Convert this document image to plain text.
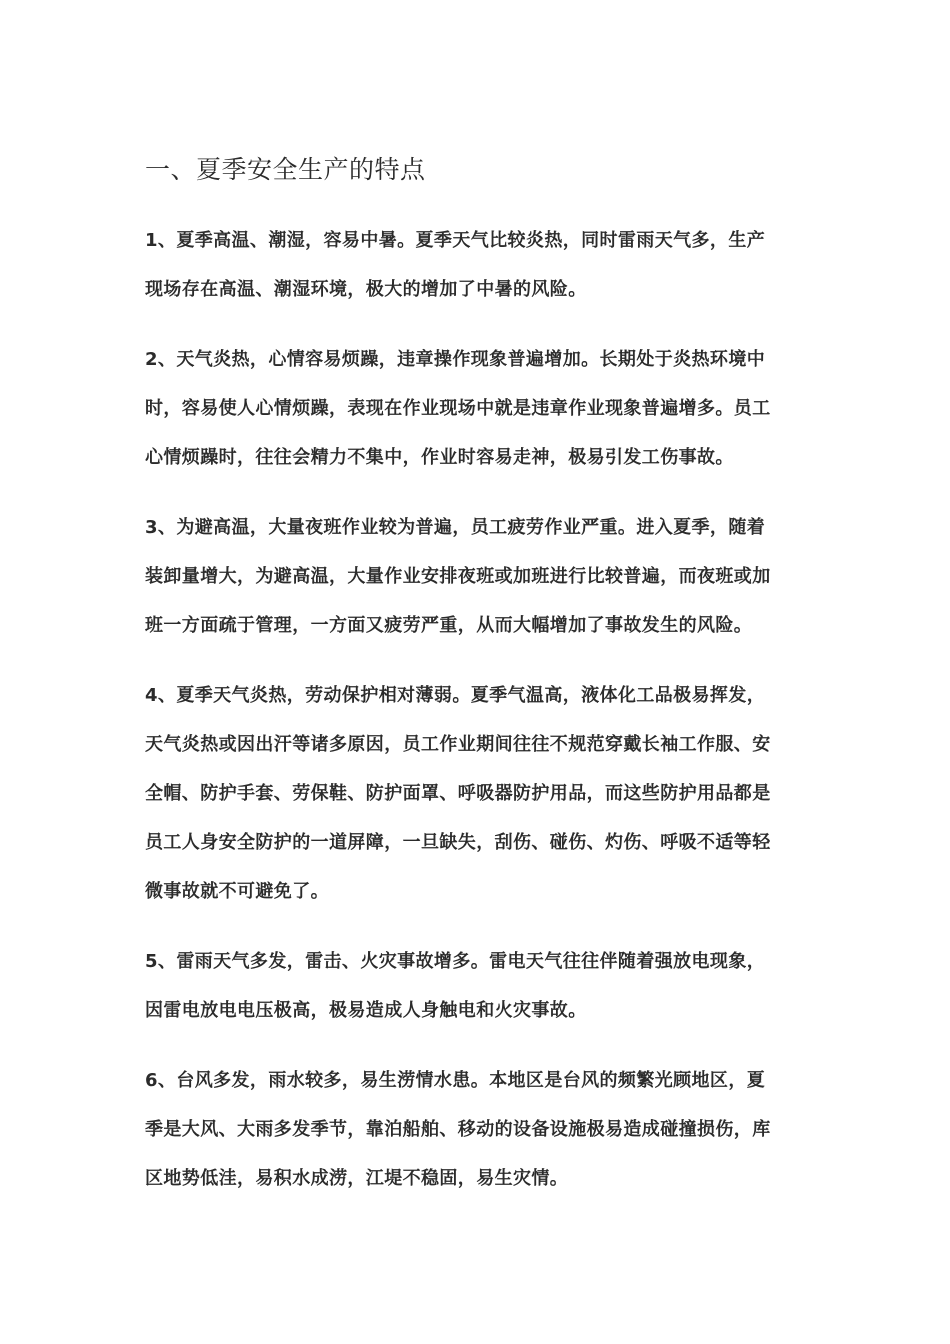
一、夏季安全生产的特点
1、夏季高温、潮湿，容易中暑。夏季天气比较炎热，同时雷雨天气多，生产
现场存在高温、潮湿环境，极大的增加了中暑的风险。
2、天气炎热，心情容易烦躁，违章操作现象普遍增加。长期处于炎热环境中
时，容易使人心情烦躁，表现在作业现场中就是违章作业现象普遍增多。员工
心情烦躁时，往往会精力不集中，作业时容易走神，极易引发工伤事故。
3、为避高温，大量夜班作业较为普遍，员工疲劳作业严重。进入夏季，随着
装卸量增大，为避高温，大量作业安排夜班或加班进行比较普遍，而夜班或加
班一方面疏于管理，一方面又疲劳严重，从而大幅增加了事故发生的风险。
4、夏季天气炎热，劳动保护相对薄弱。夏季气温高，液体化工品极易挥发，
天气炎热或因出汗等诸多原因，员工作业期间往往不规范穿戴长袖工作服、安
全帽、防护手套、劳保鞋、防护面罩、呼吸器防护用品，而这些防护用品都是
员工人身安全防护的一道屏障，一旦缺失，刮伤、碰伤、灼伤、呼吸不适等轻
微事故就不可避免了。
5、雷雨天气多发，雷击、火灾事故增多。雷电天气往往伴随着强放电现象，
因雷电放电电压极高，极易造成人身触电和火灾事故。
6、台风多发，雨水较多，易生涝情水患。本地区是台风的频繁光顾地区，夏
季是大风、大雨多发季节，靠泊船舶、移动的设备设施极易造成碰撞损伤，库
区地势低洼，易积水成涝，江堤不稳固，易生灾情。
